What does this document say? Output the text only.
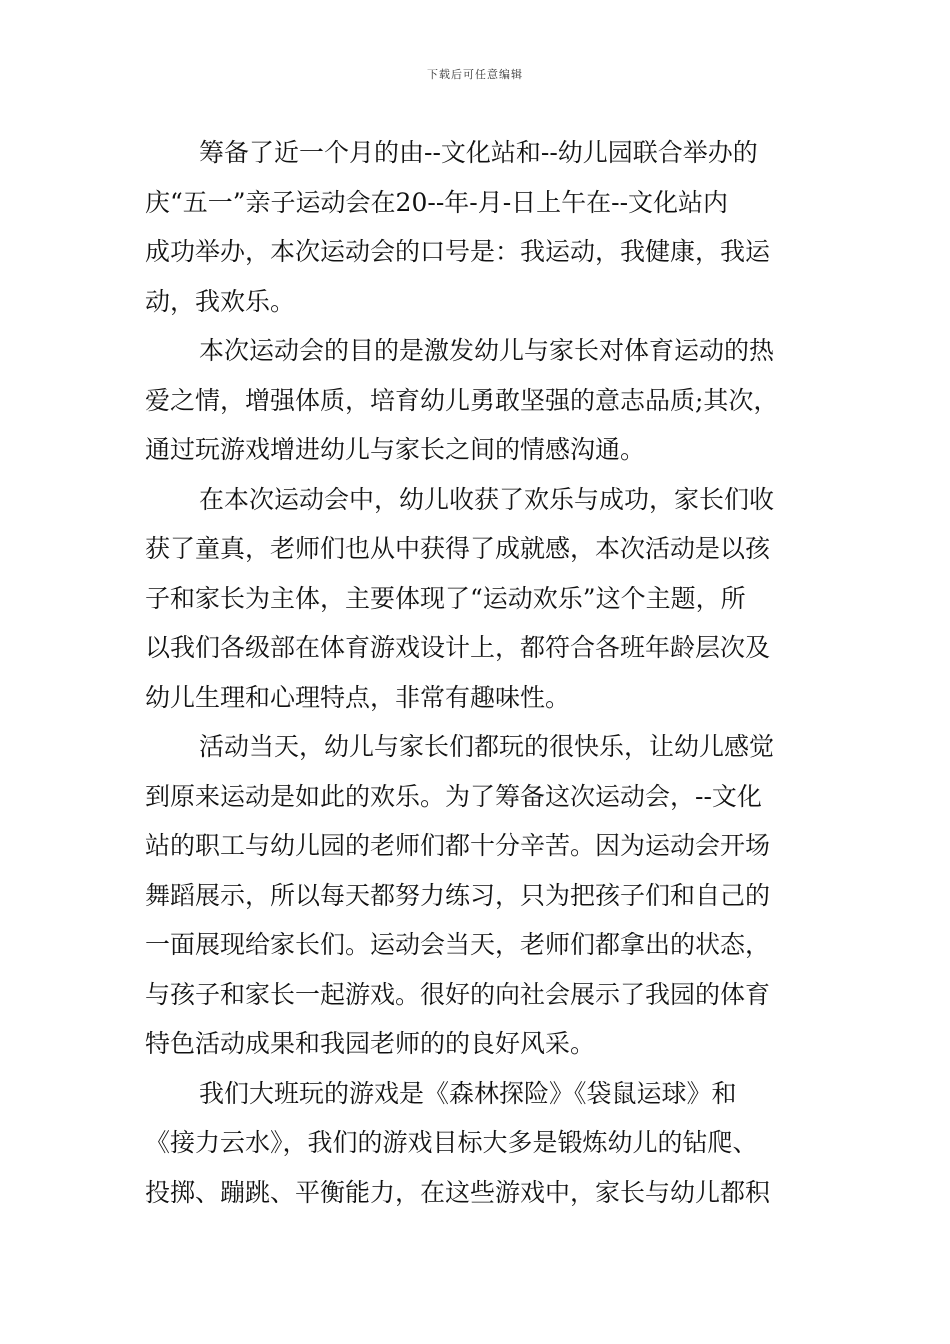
下载后可任意编辑
筹备了近一个月的由--文化站和--幼儿园联合举办的
庆“五一”亲子运动会在20--年-月-日上午在--文化站内
成功举办，本次运动会的口号是：我运动，我健康，我运
动，我欢乐。
本次运动会的目的是激发幼儿与家长对体育运动的热
爱之情，增强体质，培育幼儿勇敢坚强的意志品质;其次，
通过玩游戏增进幼儿与家长之间的情感沟通。
在本次运动会中，幼儿收获了欢乐与成功，家长们收
获了童真，老师们也从中获得了成就感，本次活动是以孩
子和家长为主体，主要体现了“运动欢乐”这个主题，所
以我们各级部在体育游戏设计上，都符合各班年龄层次及
幼儿生理和心理特点，非常有趣味性。
活动当天，幼儿与家长们都玩的很快乐，让幼儿感觉
到原来运动是如此的欢乐。为了筹备这次运动会，--文化
站的职工与幼儿园的老师们都十分辛苦。因为运动会开场
舞蹈展示，所以每天都努力练习，只为把孩子们和自己的
一面展现给家长们。运动会当天，老师们都拿出的状态，
与孩子和家长一起游戏。很好的向社会展示了我园的体育
特色活动成果和我园老师的的良好风采。
我们大班玩的游戏是《森林探险》《袋鼠运球》和
《接力云水》，我们的游戏目标大多是锻炼幼儿的钻爬、
投掷、蹦跳、平衡能力，在这些游戏中，家长与幼儿都积
